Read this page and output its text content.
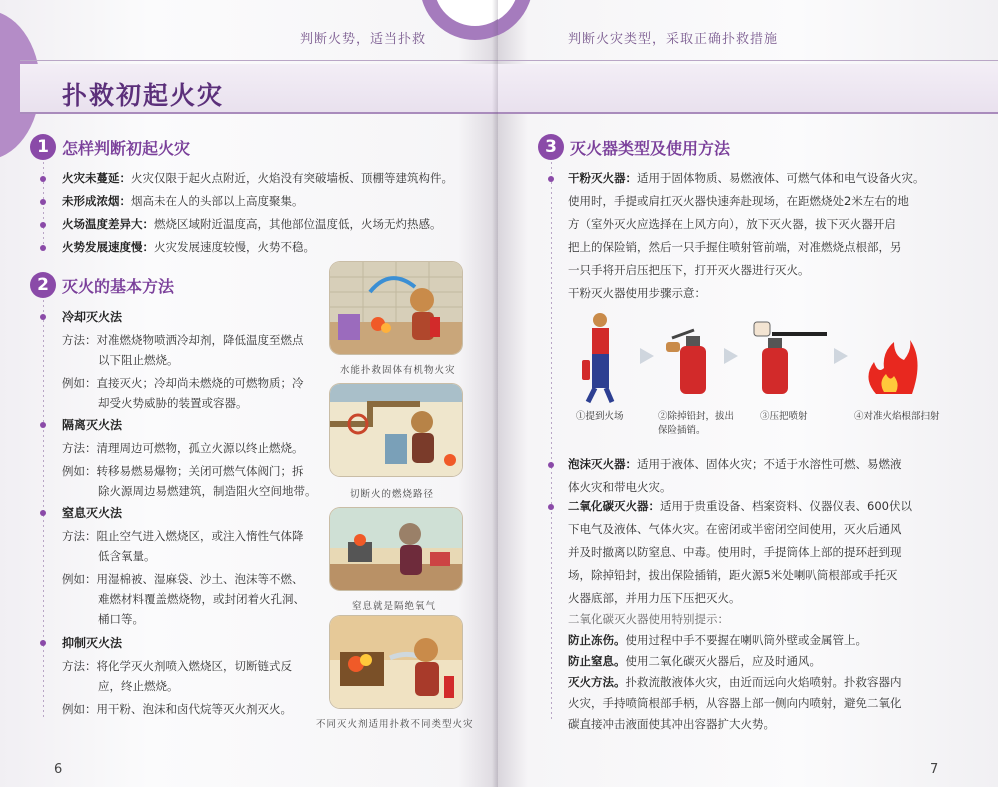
判断火势，适当扑救
扑救初起火灾
1 怎样判断初起火灾
火灾未蔓延：火灾仅限于起火点附近，火焰没有突破墙板、顶棚等建筑构件。
未形成浓烟：烟高未在人的头部以上高度聚集。
火场温度差异大：燃烧区域附近温度高，其他部位温度低，火场无灼热感。
火势发展速度慢：火灾发展速度较慢，火势不稳。
2 灭火的基本方法
冷却灭火法
方法：对准燃烧物喷洒冷却剂，降低温度至燃点
以下阻止燃烧。
例如：直接灭火；冷却尚未燃烧的可燃物质；冷
却受火势威胁的装置或容器。
隔离灭火法
方法：清理周边可燃物，孤立火源以终止燃烧。
例如：转移易燃易爆物；关闭可燃气体阀门；拆
除火源周边易燃建筑，制造阻火空间地带。
窒息灭火法
方法：阻止空气进入燃烧区，或注入惰性气体降
低含氧量。
例如：用湿棉被、湿麻袋、沙土、泡沫等不燃、
难燃材料覆盖燃烧物，或封闭着火孔洞、
桶口等。
抑制灭火法
方法：将化学灭火剂喷入燃烧区，切断链式反
应，终止燃烧。
例如：用干粉、泡沫和卤代烷等灭火剂灭火。
水能扑救固体有机物火灾
切断火的燃烧路径
窒息就是隔绝氧气
不同灭火剂适用扑救不同类型火灾
6
判断火灾类型，采取正确扑救措施
3 灭火器类型及使用方法
干粉灭火器：适用于固体物质、易燃液体、可燃气体和电气设备火灾。
使用时，手提或肩扛灭火器快速奔赴现场，在距燃烧处2米左右的地
方（室外灭火应选择在上风方向），放下灭火器，拔下灭火器开启
把上的保险销，然后一只手握住喷射管前端，对准燃烧点根部，另
一只手将开启压把压下，打开灭火器进行灭火。
干粉灭火器使用步骤示意：
①提到火场	②除掉铅封，拔出保险插销。
③压把喷射	④对准火焰根部扫射
泡沫灭火器：适用于液体、固体火灾；不适于水溶性可燃、易燃液
体火灾和带电火灾。
二氧化碳灭火器：适用于贵重设备、档案资料、仪器仪表、600伏以
下电气及液体、气体火灾。在密闭或半密闭空间使用，灭火后通风
并及时撤离以防窒息、中毒。使用时，手提筒体上部的提环赶到现
场，除掉铅封，拔出保险插销，距火源5米处喇叭筒根部或手托灭
火器底部，并用力压下压把灭火。
二氧化碳灭火器使用特别提示：
防止冻伤。使用过程中手不要握在喇叭筒外壁或金属管上。
防止窒息。使用二氧化碳灭火器后，应及时通风。
灭火方法。扑救流散液体火灾，由近而远向火焰喷射。扑救容器内
火灾，手持喷筒根部手柄，从容器上部一侧向内喷射，避免二氧化
碳直接冲击液面使其冲出容器扩大火势。
7
